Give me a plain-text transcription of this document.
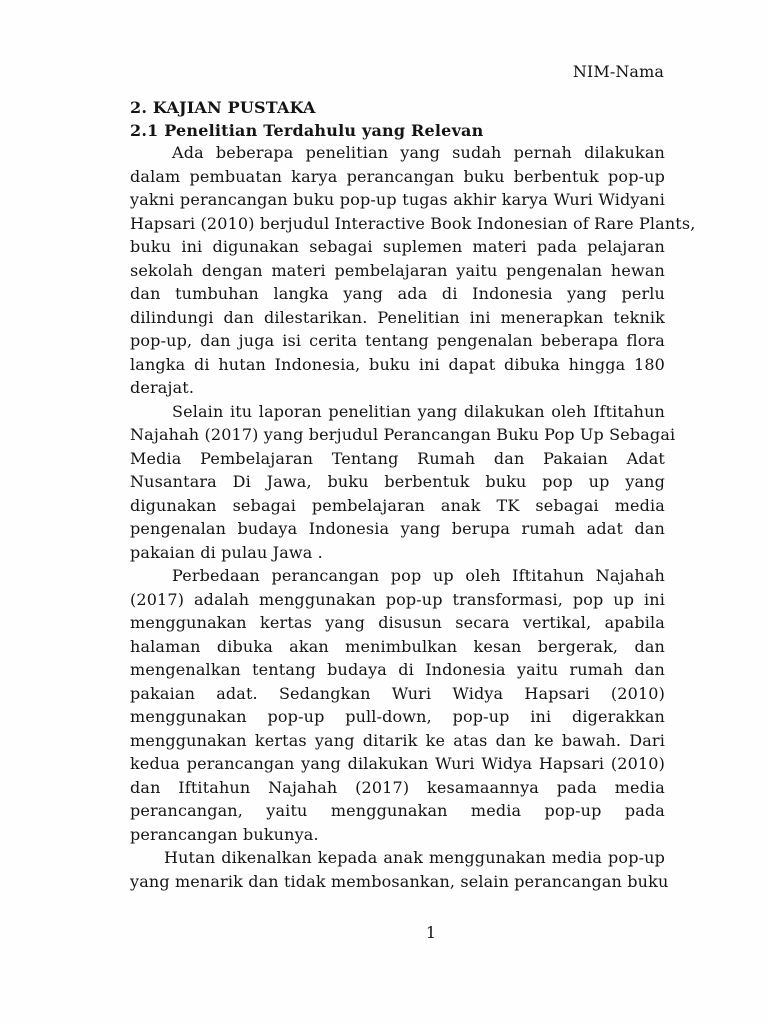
NIM-Nama
2. KAJIAN PUSTAKA
2.1 Penelitian Terdahulu yang Relevan
Ada beberapa penelitian yang sudah pernah dilakukan
dalam pembuatan karya perancangan buku berbentuk pop-up
yakni perancangan buku pop-up tugas akhir karya Wuri Widyani
Hapsari (2010) berjudul Interactive Book Indonesian of Rare Plants,
buku ini digunakan sebagai suplemen materi pada pelajaran
sekolah dengan materi pembelajaran yaitu pengenalan hewan
dan tumbuhan langka yang ada di Indonesia yang perlu
dilindungi dan dilestarikan. Penelitian ini menerapkan teknik
pop-up, dan juga isi cerita tentang pengenalan beberapa flora
langka di hutan Indonesia, buku ini dapat dibuka hingga 180
derajat.
Selain itu laporan penelitian yang dilakukan oleh Iftitahun
Najahah (2017) yang berjudul Perancangan Buku Pop Up Sebagai
Media Pembelajaran Tentang Rumah dan Pakaian Adat
Nusantara Di Jawa, buku berbentuk buku pop up yang
digunakan sebagai pembelajaran anak TK sebagai media
pengenalan budaya Indonesia yang berupa rumah adat dan
pakaian di pulau Jawa .
Perbedaan perancangan pop up oleh Iftitahun Najahah
(2017) adalah menggunakan pop-up transformasi, pop up ini
menggunakan kertas yang disusun secara vertikal, apabila
halaman dibuka akan menimbulkan kesan bergerak, dan
mengenalkan tentang budaya di Indonesia yaitu rumah dan
pakaian adat. Sedangkan Wuri Widya Hapsari (2010)
menggunakan pop-up pull-down, pop-up ini digerakkan
menggunakan kertas yang ditarik ke atas dan ke bawah. Dari
kedua perancangan yang dilakukan Wuri Widya Hapsari (2010)
dan Iftitahun Najahah (2017) kesamaannya pada media
perancangan, yaitu menggunakan media pop-up pada
perancangan bukunya.
Hutan dikenalkan kepada anak menggunakan media pop-up
yang menarik dan tidak membosankan, selain perancangan buku
1
